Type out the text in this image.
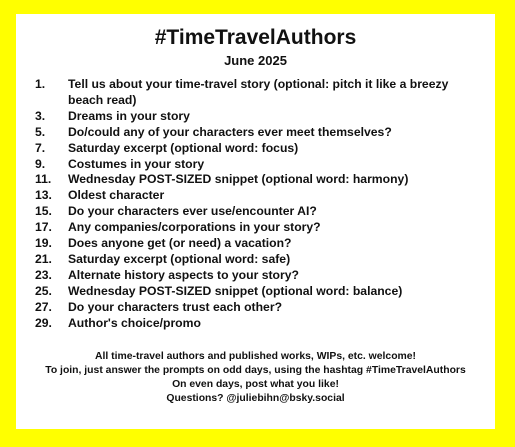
#TimeTravelAuthors
June 2025
1.	Tell us about your time-travel story (optional: pitch it like a breezy beach read)
3.	Dreams in your story
5.	Do/could any of your characters ever meet themselves?
7.	Saturday excerpt (optional word: focus)
9.	Costumes in your story
11.	Wednesday POST-SIZED snippet (optional word: harmony)
13.	Oldest character
15.	Do your characters ever use/encounter AI?
17.	Any companies/corporations in your story?
19.	Does anyone get (or need) a vacation?
21.	Saturday excerpt (optional word: safe)
23.	Alternate history aspects to your story?
25.	Wednesday POST-SIZED snippet (optional word: balance)
27.	Do your characters trust each other?
29.	Author's choice/promo
All time-travel authors and published works, WIPs, etc. welcome!
To join, just answer the prompts on odd days, using the hashtag #TimeTravelAuthors
On even days, post what you like!
Questions? @juliebihn@bsky.social
